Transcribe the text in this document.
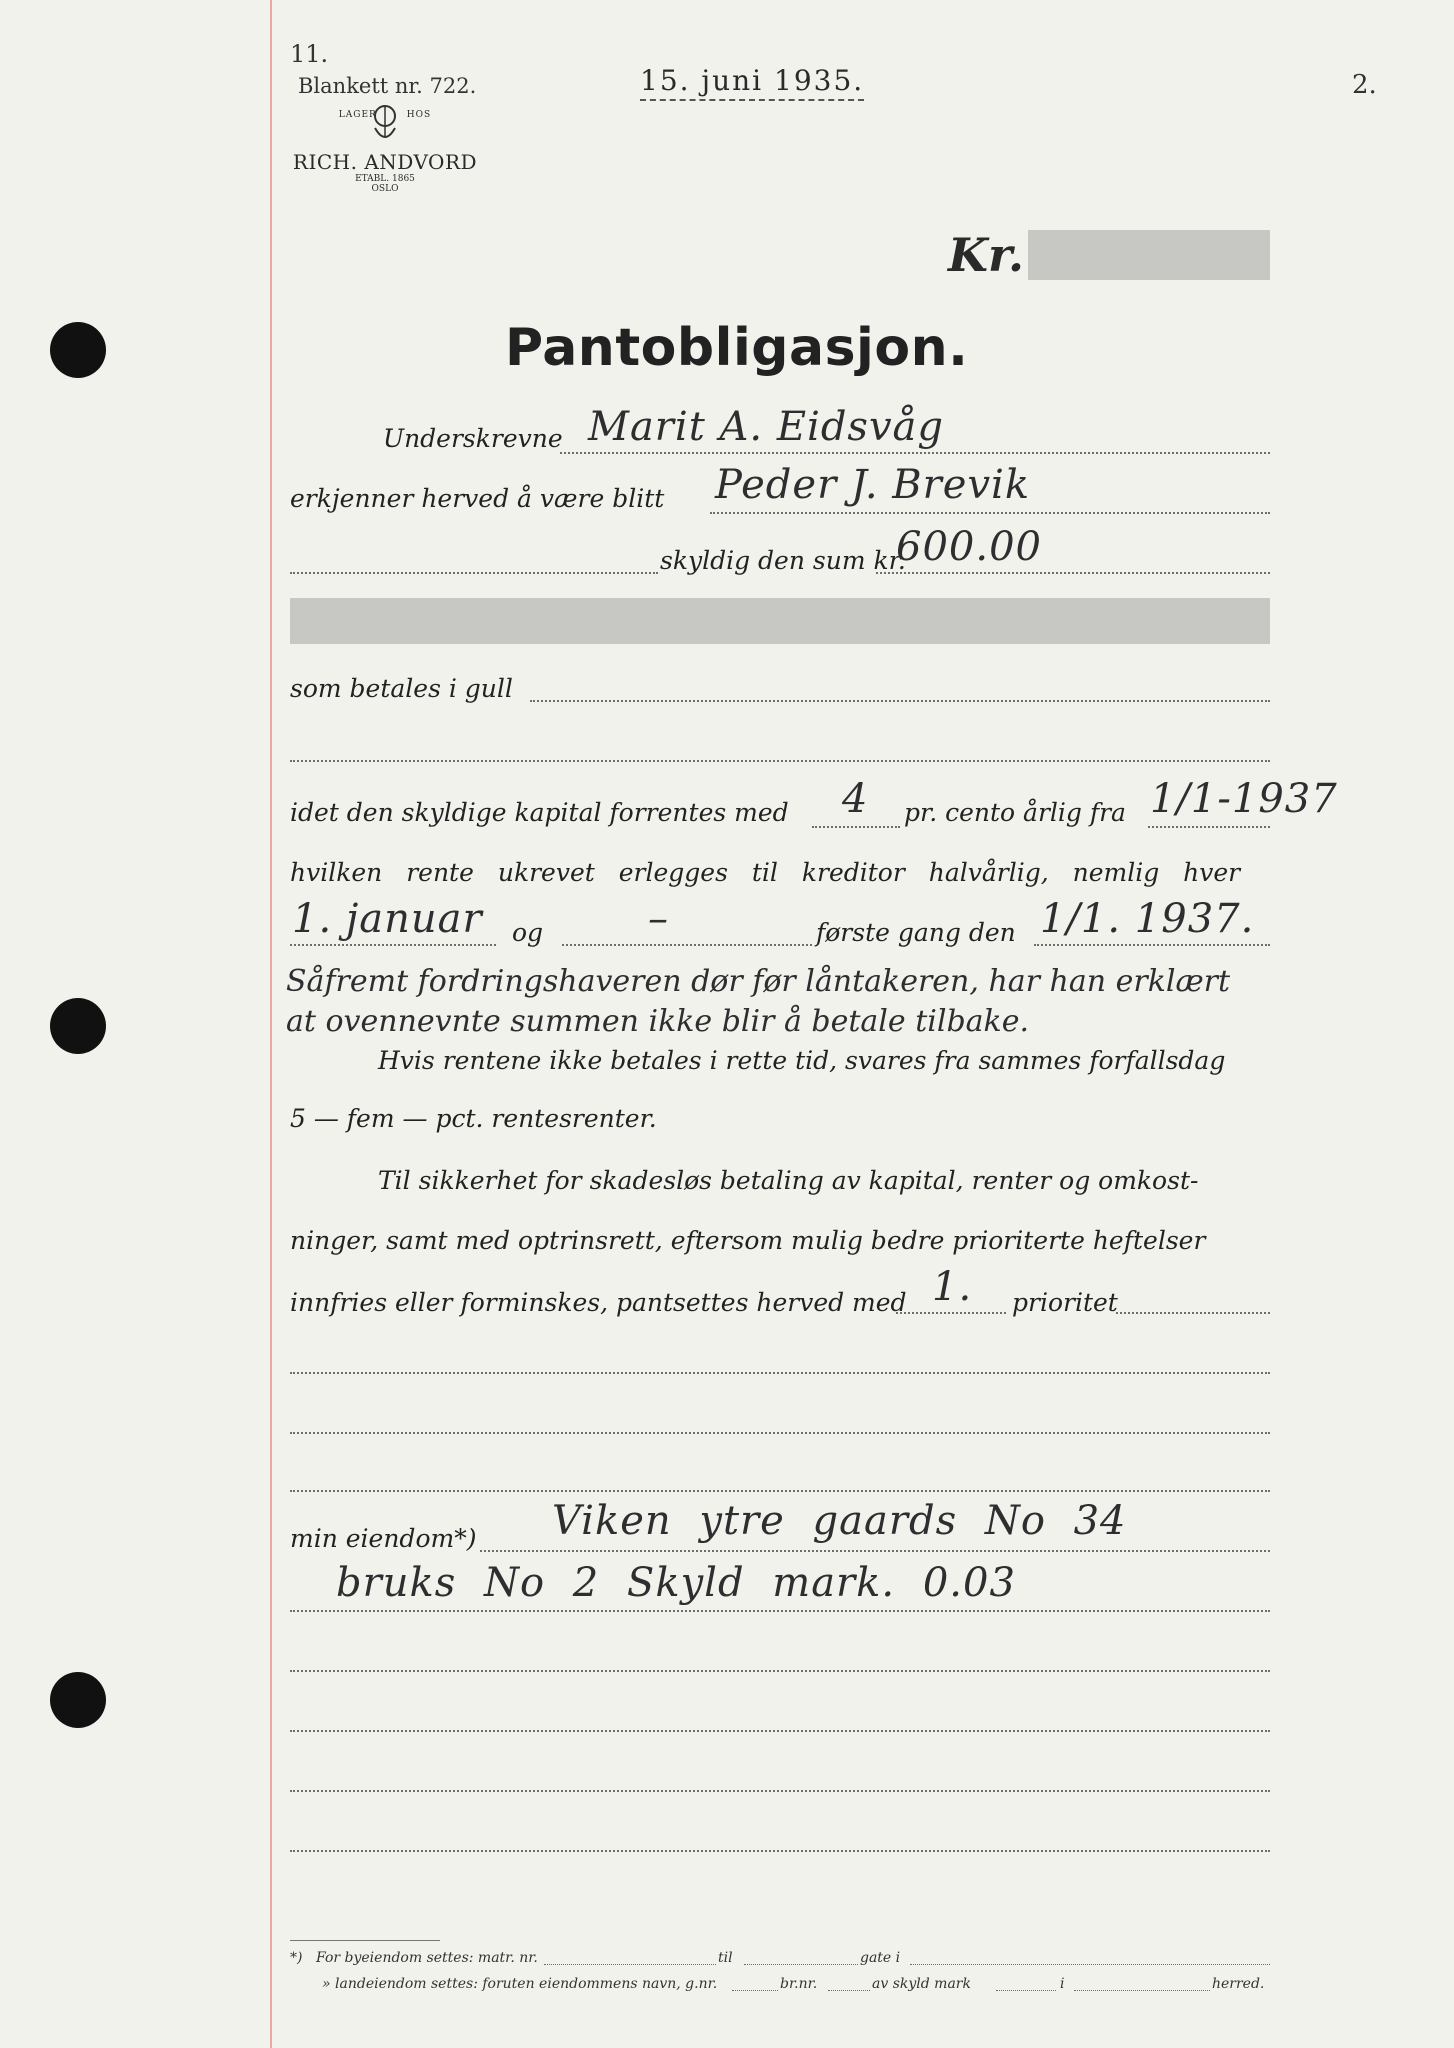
11.
Blankett nr. 722.	15. juni 1935.	2.
LAGER	HOS
RICH. ANDVORD
ETABL. 1865
OSLO
Kr.
Pantobligasjon.
Underskrevne Marit A. Eidsvåg
erkjenner herved å være blitt Peder J. Brevik
skyldig den sum kr.
600.00
som betales i gull
idet den skyldige kapital forrentes med 4 pr. cento årlig fra 1/1-1937
hvilken rente ukrevet erlegges til kreditor halvårlig, nemlig hver
1. januar og	–	første gang den 1/1. 1937.
Såfremt fordringshaveren dør før låntakeren, har han erklært
at ovennevnte summen ikke blir å betale tilbake.
Hvis rentene ikke betales i rette tid, svares fra sammes forfallsdag
5 — fem — pct. rentesrenter.
Til sikkerhet for skadesløs betaling av kapital, renter og omkost-
ninger, samt med optrinsrett, eftersom mulig bedre prioriterte heftelser
innfries eller forminskes, pantsettes herved med 1. prioritet
min eiendom*) Viken ytre gaards No 34
bruks No 2 Skyld mark. 0.03
*) For byeiendom settes: matr. nr.	til	gate i
» landeiendom settes: foruten eiendommens navn, g.nr.	br.nr.	av skyld mark	i	herred.
